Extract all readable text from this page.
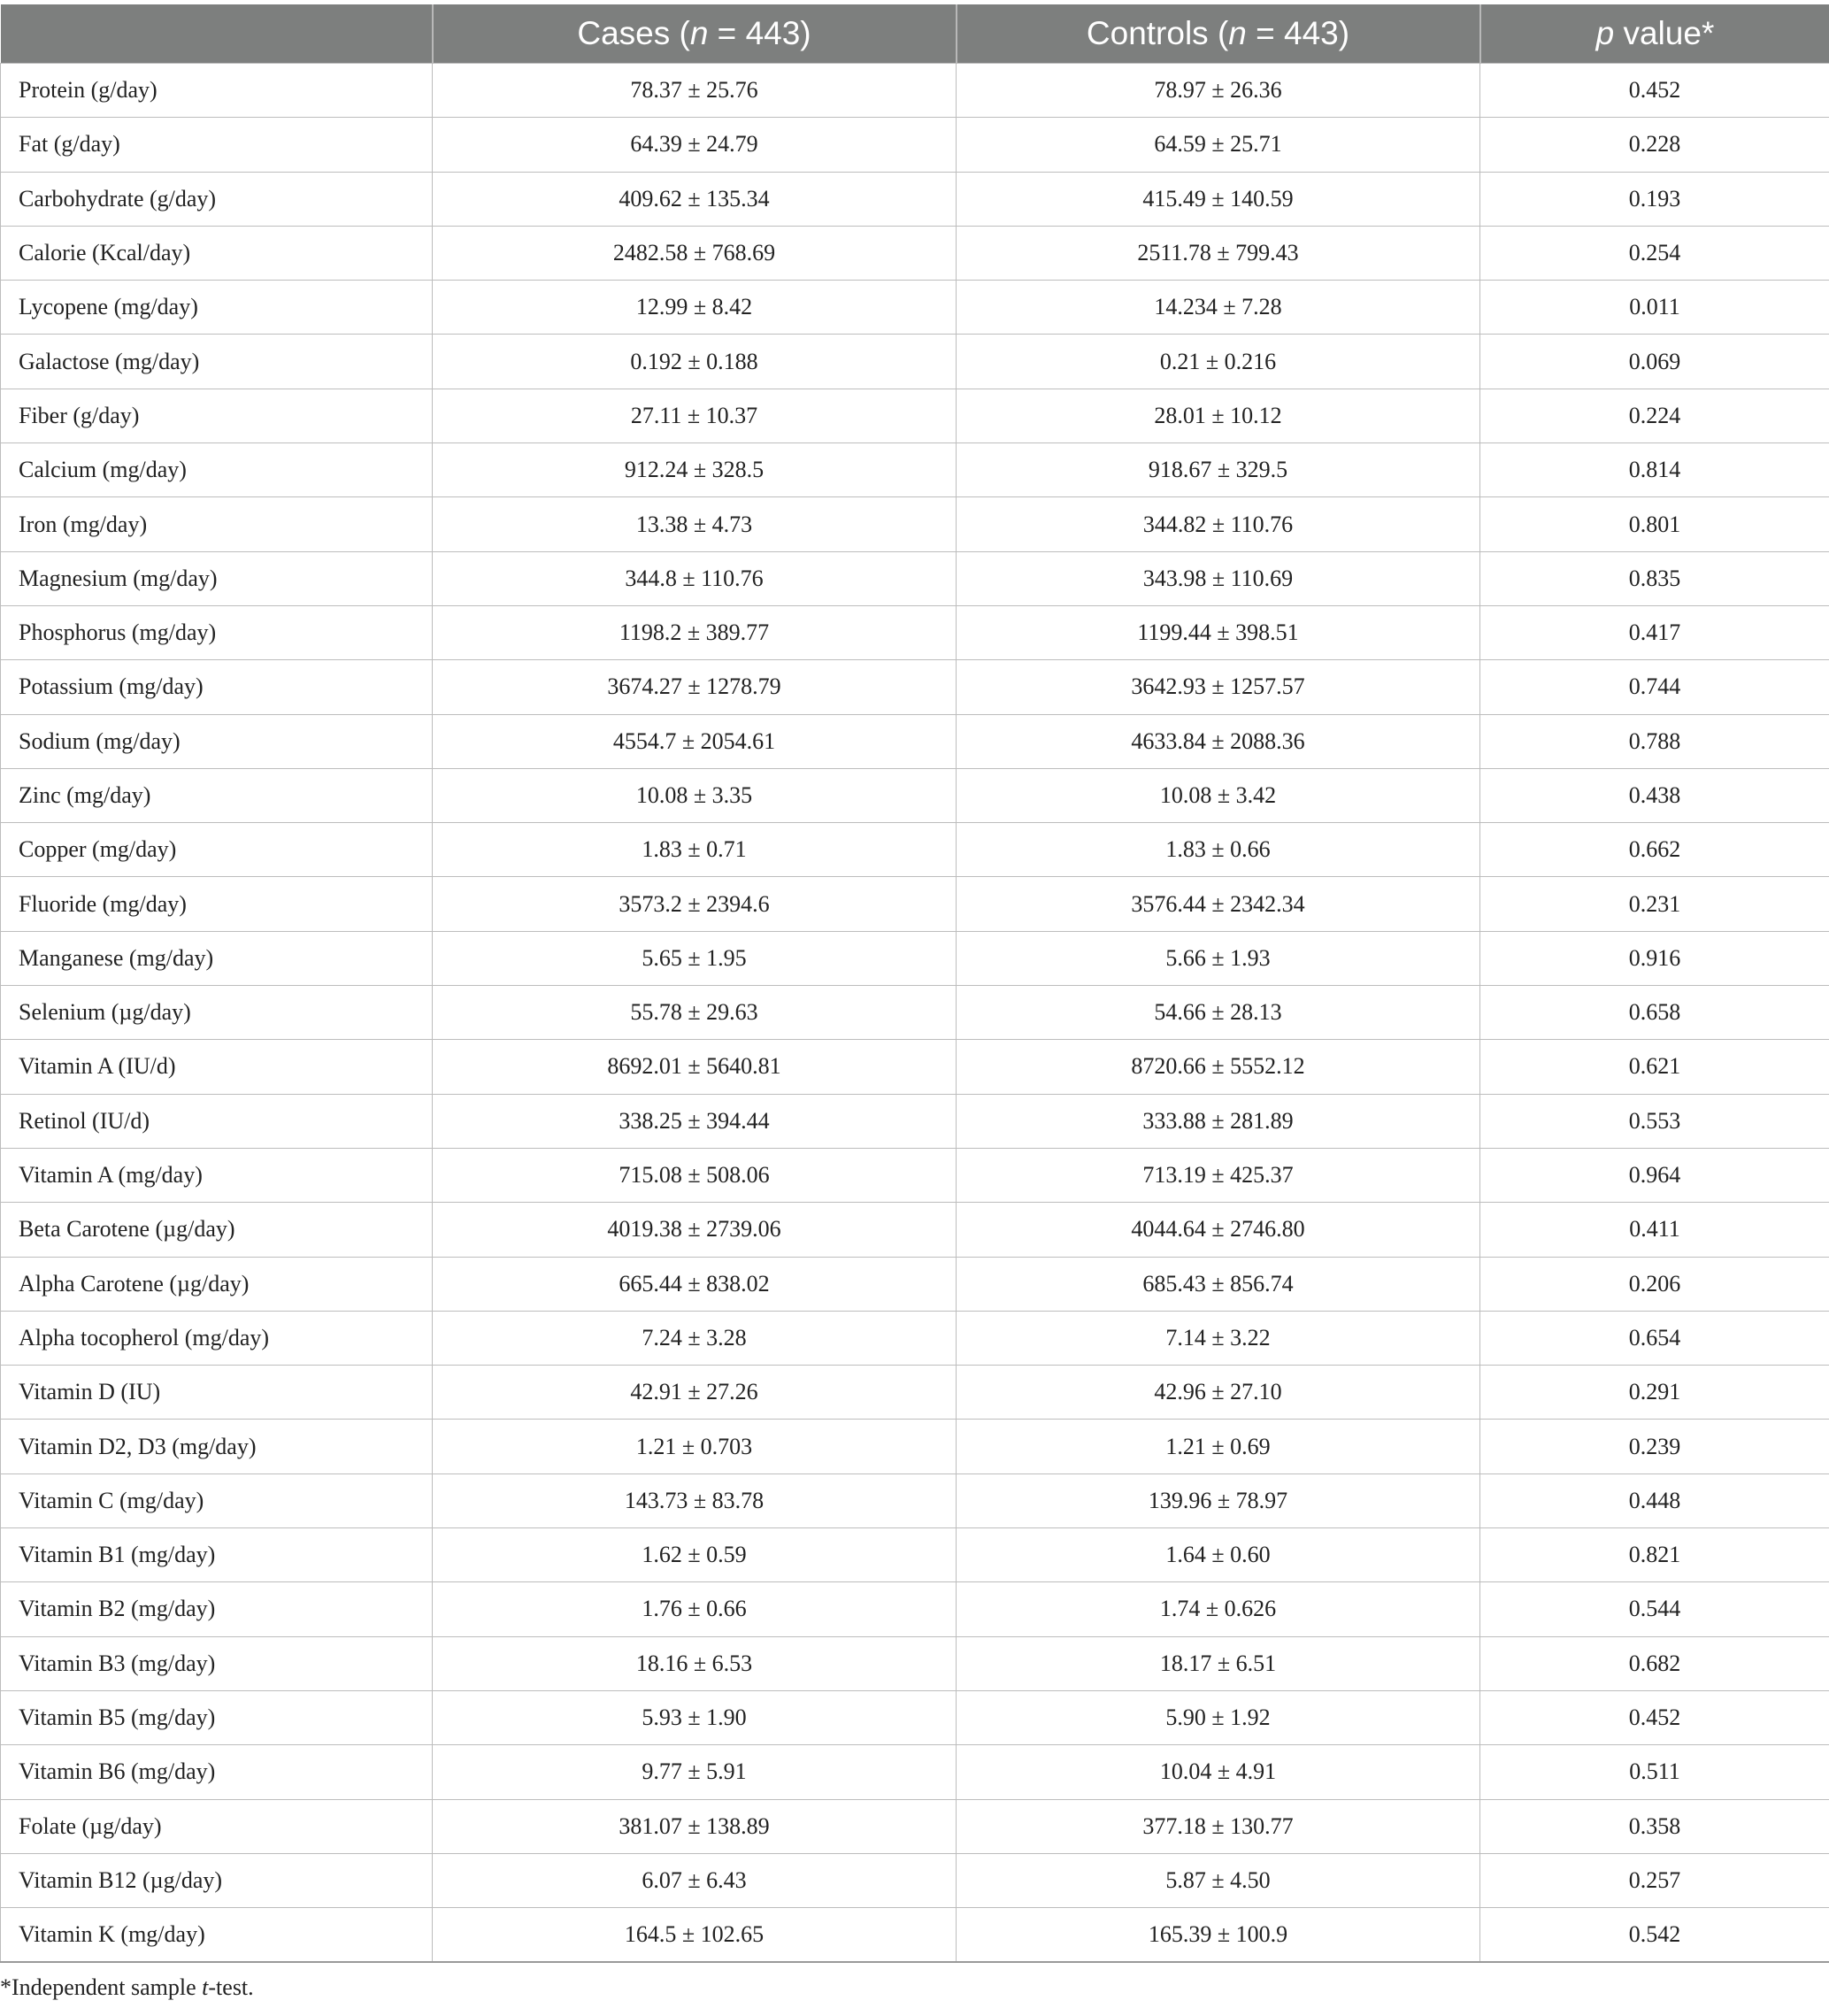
	Cases (n = 443)	Controls (n = 443)	p value*
Protein (g/day)	78.37 ± 25.76	78.97 ± 26.36	0.452
Fat (g/day)	64.39 ± 24.79	64.59 ± 25.71	0.228
Carbohydrate (g/day)	409.62 ± 135.34	415.49 ± 140.59	0.193
Calorie (Kcal/day)	2482.58 ± 768.69	2511.78 ± 799.43	0.254
Lycopene (mg/day)	12.99 ± 8.42	14.234 ± 7.28	0.011
Galactose (mg/day)	0.192 ± 0.188	0.21 ± 0.216	0.069
Fiber (g/day)	27.11 ± 10.37	28.01 ± 10.12	0.224
Calcium (mg/day)	912.24 ± 328.5	918.67 ± 329.5	0.814
Iron (mg/day)	13.38 ± 4.73	344.82 ± 110.76	0.801
Magnesium (mg/day)	344.8 ± 110.76	343.98 ± 110.69	0.835
Phosphorus (mg/day)	1198.2 ± 389.77	1199.44 ± 398.51	0.417
Potassium (mg/day)	3674.27 ± 1278.79	3642.93 ± 1257.57	0.744
Sodium (mg/day)	4554.7 ± 2054.61	4633.84 ± 2088.36	0.788
Zinc (mg/day)	10.08 ± 3.35	10.08 ± 3.42	0.438
Copper (mg/day)	1.83 ± 0.71	1.83 ± 0.66	0.662
Fluoride (mg/day)	3573.2 ± 2394.6	3576.44 ± 2342.34	0.231
Manganese (mg/day)	5.65 ± 1.95	5.66 ± 1.93	0.916
Selenium (µg/day)	55.78 ± 29.63	54.66 ± 28.13	0.658
Vitamin A (IU/d)	8692.01 ± 5640.81	8720.66 ± 5552.12	0.621
Retinol (IU/d)	338.25 ± 394.44	333.88 ± 281.89	0.553
Vitamin A (mg/day)	715.08 ± 508.06	713.19 ± 425.37	0.964
Beta Carotene (µg/day)	4019.38 ± 2739.06	4044.64 ± 2746.80	0.411
Alpha Carotene (µg/day)	665.44 ± 838.02	685.43 ± 856.74	0.206
Alpha tocopherol (mg/day)	7.24 ± 3.28	7.14 ± 3.22	0.654
Vitamin D (IU)	42.91 ± 27.26	42.96 ± 27.10	0.291
Vitamin D2, D3 (mg/day)	1.21 ± 0.703	1.21 ± 0.69	0.239
Vitamin C (mg/day)	143.73 ± 83.78	139.96 ± 78.97	0.448
Vitamin B1 (mg/day)	1.62 ± 0.59	1.64 ± 0.60	0.821
Vitamin B2 (mg/day)	1.76 ± 0.66	1.74 ± 0.626	0.544
Vitamin B3 (mg/day)	18.16 ± 6.53	18.17 ± 6.51	0.682
Vitamin B5 (mg/day)	5.93 ± 1.90	5.90 ± 1.92	0.452
Vitamin B6 (mg/day)	9.77 ± 5.91	10.04 ± 4.91	0.511
Folate (µg/day)	381.07 ± 138.89	377.18 ± 130.77	0.358
Vitamin B12 (µg/day)	6.07 ± 6.43	5.87 ± 4.50	0.257
Vitamin K (mg/day)	164.5 ± 102.65	165.39 ± 100.9	0.542
*Independent sample t-test.
